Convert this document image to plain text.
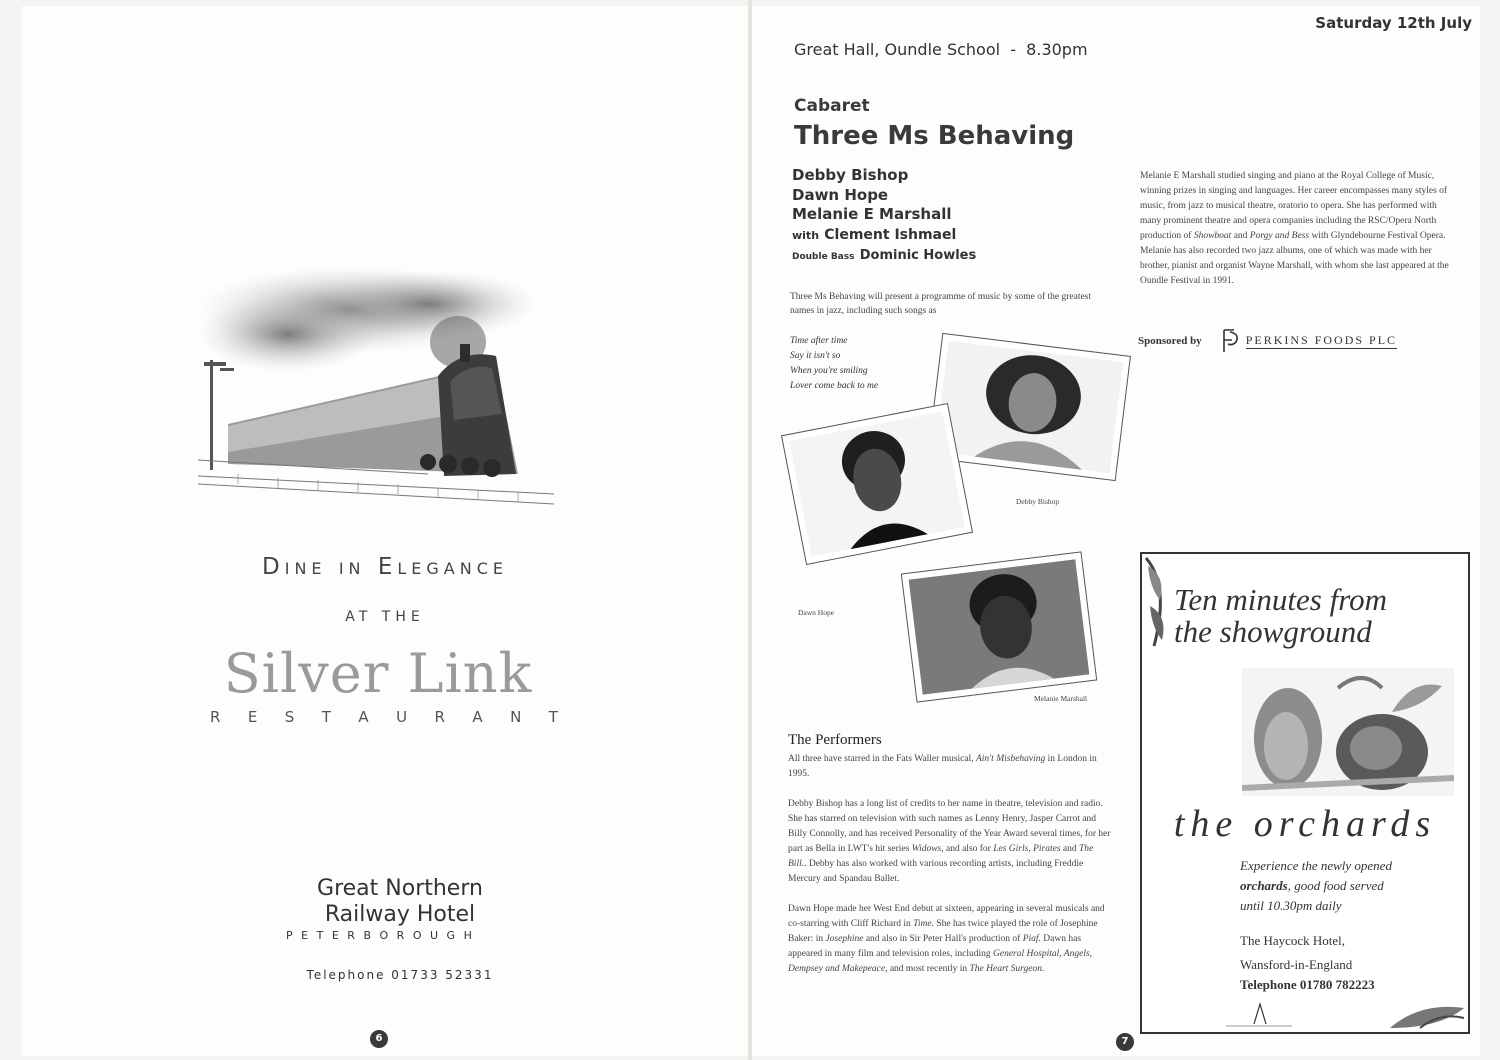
Dine in Elegance
AT THE
Silver Link
R E S T A U R A N T
Great Northern
Railway Hotel
P E T E R B O R O U G H
Telephone 01733 52331
6
Saturday 12th July
Great Hall, Oundle School  -  8.30pm
Cabaret
Three Ms Behaving
Debby Bishop
Dawn Hope
Melanie E Marshall
with Clement Ishmael
Double Bass Dominic Howles
Three Ms Behaving will present a programme of music by some of the greatest names in jazz, including such songs as
Time after time
Say it isn't so
When you're smiling
Lover come back to me
Debby Bishop
Dawn Hope
Melanie Marshall
The Performers
All three have starred in the Fats Waller musical, Ain't Misbehaving in London in 1995.
Debby Bishop has a long list of credits to her name in theatre, television and radio. She has starred on television with such names as Lenny Henry, Jasper Carrot and Billy Connolly, and has received Personality of the Year Award several times, for her part as Bella in LWT's hit series Widows, and also for Les Girls, Pirates and The Bill.. Debby has also worked with various recording artists, including Freddie Mercury and Spandau Ballet.
Dawn Hope made her West End debut at sixteen, appearing in several musicals and co-starring with Cliff Richard in Time. She has twice played the role of Josephine Baker: in Josephine and also in Sir Peter Hall's production of Piaf. Dawn has appeared in many film and television roles, including General Hospital, Angels, Dempsey and Makepeace, and most recently in The Heart Surgeon.
Melanie E Marshall studied singing and piano at the Royal College of Music, winning prizes in singing and languages. Her career encompasses many styles of music, from jazz to musical theatre, oratorio to opera. She has performed with many prominent theatre and opera companies including the RSC/Opera North production of Showboat and Porgy and Bess with Glyndebourne Festival Opera. Melanie has also recorded two jazz albums, one of which was made with her brother, pianist and organist Wayne Marshall, with whom she last appeared at the Oundle Festival in 1991.
Sponsored by	PERKINS FOODS PLC
Ten minutes from
the showground
the orchards
Experience the newly opened
orchards, good food served
until 10.30pm daily
The Haycock Hotel,
Wansford-in-England
Telephone 01780 782223
7
